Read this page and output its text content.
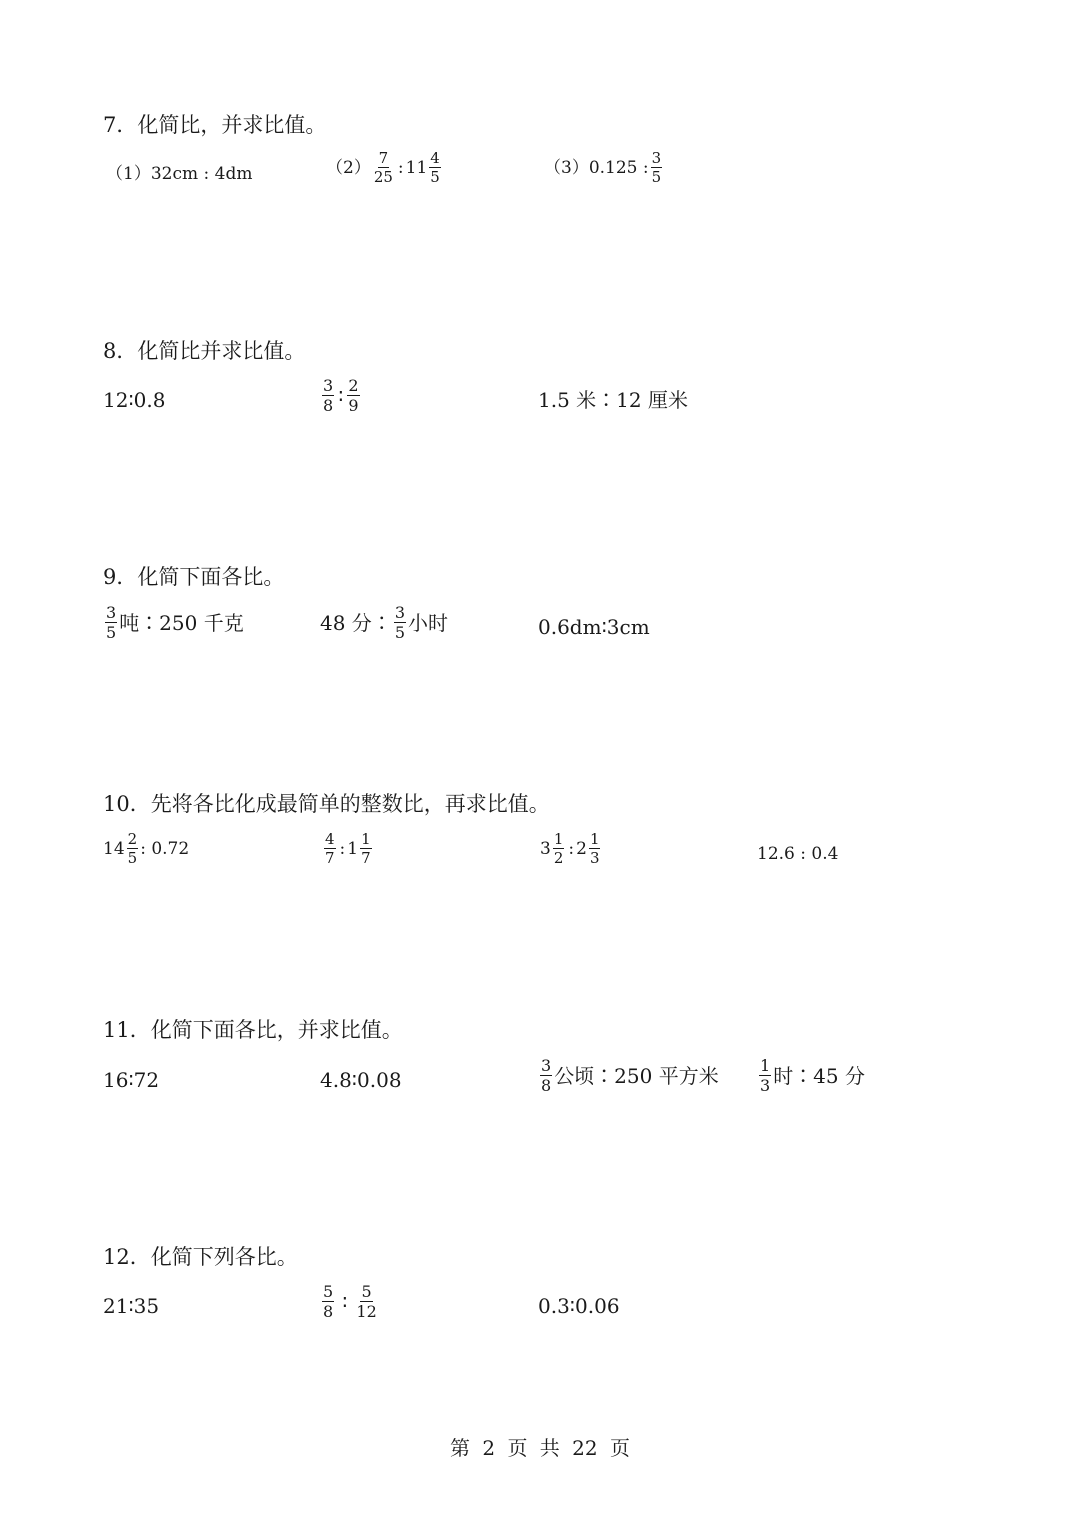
7．化简比，并求比值。
（1） 32cm : 4dm	$(2) \frac{7}{25}$ : $11 \frac{4}{5}$	（3） 0.125 : $\frac{3}{5}$
8．化简比并求比值。
12∶0.8	$\frac{3}{8}$ ∶ $\frac{2}{9}$	1.5 米∶12 厘米
9．化简下面各比。
$\frac{3}{5}$ 吨∶250 千克	48 分∶ $\frac{3}{5}$ 小时	0.6dm∶3cm
10．先将各比化成最简单的整数比，再求比值。
$14 \frac{2}{5}$ : 0.72	$\frac{4}{7}$ : $1 \frac{1}{7}$	$3 \frac{1}{2}$ : $2 \frac{1}{3}$	12.6 : 0.4
11．化简下面各比，并求比值。
16∶72	4.8∶0.08	$\frac{3}{8}$ 公顷∶250 平方米	$\frac{1}{3}$ 时∶45 分
12．化简下列各比。
21∶35	$\frac{5}{8}$ ∶ $\frac{5}{12}$	0.3∶0.06
第 2 页 共 22 页
